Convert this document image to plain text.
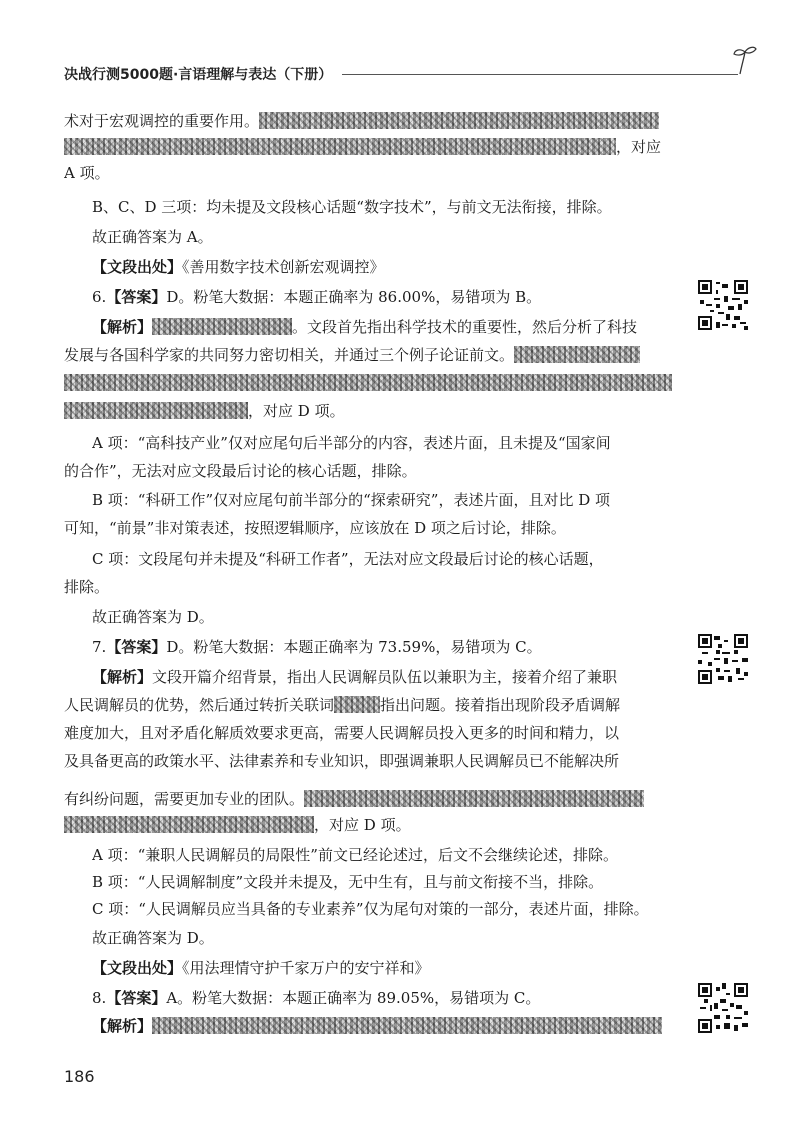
决战行测5000题·言语理解与表达（下册）
术对于宏观调控的重要作用。
，对应
A 项。
B、C、D 三项：均未提及文段核心话题“数字技术”，与前文无法衔接，排除。
故正确答案为 A。
【文段出处】《善用数字技术创新宏观调控》
6.【答案】D。粉笔大数据：本题正确率为 86.00%，易错项为 B。
【解析】	。文段首先指出科学技术的重要性，然后分析了科技
发展与各国科学家的共同努力密切相关，并通过三个例子论证前文。
，对应 D 项。
A 项：“高科技产业”仅对应尾句后半部分的内容，表述片面，且未提及“国家间
的合作”，无法对应文段最后讨论的核心话题，排除。
B 项：“科研工作”仅对应尾句前半部分的“探索研究”，表述片面，且对比 D 项
可知，“前景”非对策表述，按照逻辑顺序，应该放在 D 项之后讨论，排除。
C 项：文段尾句并未提及“科研工作者”，无法对应文段最后讨论的核心话题，
排除。
故正确答案为 D。
7.【答案】D。粉笔大数据：本题正确率为 73.59%，易错项为 C。
【解析】文段开篇介绍背景，指出人民调解员队伍以兼职为主，接着介绍了兼职
人民调解员的优势，然后通过转折关联词	指出问题。接着指出现阶段矛盾调解
难度加大，且对矛盾化解质效要求更高，需要人民调解员投入更多的时间和精力，以
及具备更高的政策水平、法律素养和专业知识，即强调兼职人民调解员已不能解决所
有纠纷问题，需要更加专业的团队。
，对应 D 项。
A 项：“兼职人民调解员的局限性”前文已经论述过，后文不会继续论述，排除。
B 项：“人民调解制度”文段并未提及，无中生有，且与前文衔接不当，排除。
C 项：“人民调解员应当具备的专业素养”仅为尾句对策的一部分，表述片面，排除。
故正确答案为 D。
【文段出处】《用法理情守护千家万户的安宁祥和》
8.【答案】A。粉笔大数据：本题正确率为 89.05%，易错项为 C。
【解析】
186
